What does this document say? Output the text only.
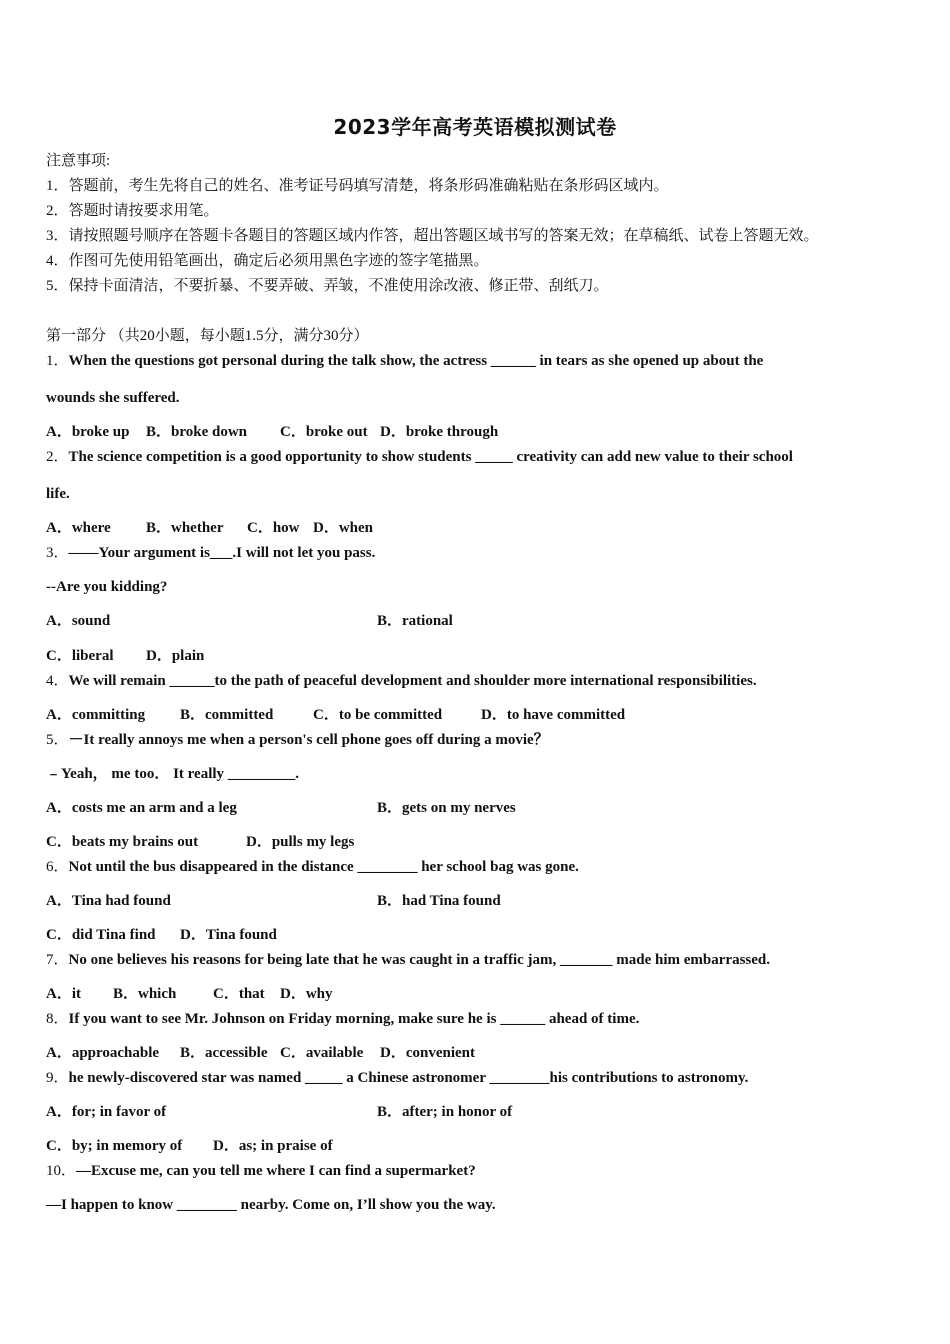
2023学年高考英语模拟测试卷
注意事项:
1．答题前，考生先将自己的姓名、准考证号码填写清楚，将条形码准确粘贴在条形码区域内。
2．答题时请按要求用笔。
3．请按照题号顺序在答题卡各题目的答题区域内作答，超出答题区域书写的答案无效；在草稿纸、试卷上答题无效。
4．作图可先使用铅笔画出，确定后必须用黑色字迹的签字笔描黑。
5．保持卡面清洁，不要折暴、不要弄破、弄皱，不准使用涂改液、修正带、刮纸刀。
第一部分 （共20小题，每小题1.5分，满分30分）
1．When the questions got personal during the talk show, the actress ______ in tears as she opened up about the
wounds she suffered.
A．broke up B．broke down C．broke out D．broke through
2．The science competition is a good opportunity to show students _____ creativity can add new value to their school
life.
A．where B．whether C．how D．when
3．——Your argument is___.I will not let you pass.
--Are you kidding?
A．sound	B．rational
C．liberal D．plain
4．We will remain ______to the path of peaceful development and shoulder more international responsibilities.
A．committing B．committed	C．to be committed	D．to have committed
5．－It really annoys me when a person's cell phone goes off during a movie？
﹣Yeah， me too． It really _________.
A．costs me an arm and a leg	B．gets on my nerves
C．beats my brains out	D．pulls my legs
6．Not until the bus disappeared in the distance ________ her school bag was gone.
A．Tina had found	B．had Tina found
C．did Tina find D．Tina found
7．No one believes his reasons for being late that he was caught in a traffic jam, _______ made him embarrassed.
A．it B．which C．that D．why
8．If you want to see Mr. Johnson on Friday morning, make sure he is ______ ahead of time.
A．approachable B．accessible C．available D．convenient
9．he newly-discovered star was named _____ a Chinese astronomer ________his contributions to astronomy.
A．for; in favor of	B．after; in honor of
C．by; in memory of D．as; in praise of
10．—Excuse me, can you tell me where I can find a supermarket?
—I happen to know ________ nearby. Come on, I’ll show you the way.
